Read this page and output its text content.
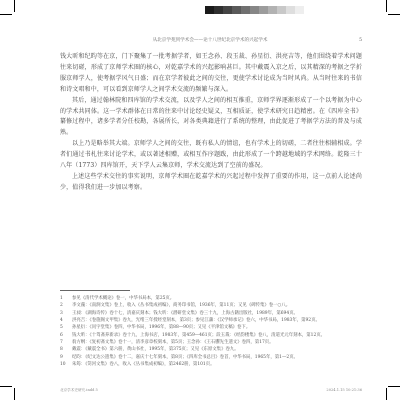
从北京学苑到学术会——论十八世纪北京学术的兴起学术	5

钱大昕和纪昀等在京，门下聚集了一批考据学者，如王念孙、段玉裁、孙星衍、洪亮吉等，他们围绕着学术问题往来切磋，形成了京师学术圈的核心，对乾嘉学术的兴起影响甚巨。其中戴震入京之后，以其精深的考据之学折服京师学人，使考据学风气日盛；而在京学者彼此之间的交往，更使学术讨论成为当时风尚。从当时往来的书信和诗文唱和中，可以看到京师学人之间学术交流的频繁与深入。

其后，通过翰林院和四库馆的学术交流，以及学人之间的相互推重，京师学界逐渐形成了一个以考据为中心的学术共同体。这一学术群体在日常的往来中讨论经史疑义，互相质证，使学术研究日趋精密。在《四库全书》纂修过程中，诸多学者分任校勘，各展所长，对各类典籍进行了系统的整理，由此促进了考据学方法的普及与成熟。

以上乃是略举其大端。京师学人之间的交往，既有私人的情谊，也有学术上的切磋，二者往往相辅相成。学者们通过书札往来讨论学术，或以著述相赠，或相互作序题跋，由此形成了一个跨越地域的学术网络。乾隆三十八年（1773）四库馆开，天下学人云集京师，学术交流达到了空前的盛况。

上述这些学术交往的事实说明，京师学术圈在乾嘉学术的兴起过程中发挥了重要的作用，这一点前人论述尚少，值得我们进一步加以考察。

1	参见《清代学术概论》卷一，中华书局本，第25页。
2	李文藻：《南涧文集》卷上，收入《丛书集成初编》，商务印书馆，1936年，第11页；又见《碑传集》卷一○八。
3	王昶：《湖海诗传》卷十七，清嘉庆刻本；钱大昕：《潜研堂文集》卷三十九，上海古籍出版社，1989年，第694页。
4	洪亮吉：《卷施阁文甲集》卷九，光绪三年授经堂刻本，第3页；参见江藩：《汉学师承记》卷六，中华书局，1983年，第92页。
5	孙星衍：《问字堂集》卷四，中华书局，1996年，第88—90页；又见《平津馆文稿》卷下。
6	钱大昕：《十驾斋养新录》卷十九，上海书店，1983年，第459—461页；段玉裁：《经韵楼集》卷八，清道光元年刻本，第12页。
7	翁方纲：《复初斋文集》卷十一，清李彦章校刻本，第5页；王念孙：《王石臞先生遗文》卷四，第17页。
8	戴震：《戴震全书》第六册，黄山书社，1995年，第375页；又见《东原文集》卷九。
9	纪昀：《纪文达公遗集》卷十二，嘉庆十七年刻本，第8页；《四库全书总目》卷首，中华书局，1965年，第1—2页。
10	朱筠：《笥河文集》卷八，收入《丛书集成初编》，第2462册，第101页。
北京学术史研究.indd 5	2024.1.15 10:21:36
